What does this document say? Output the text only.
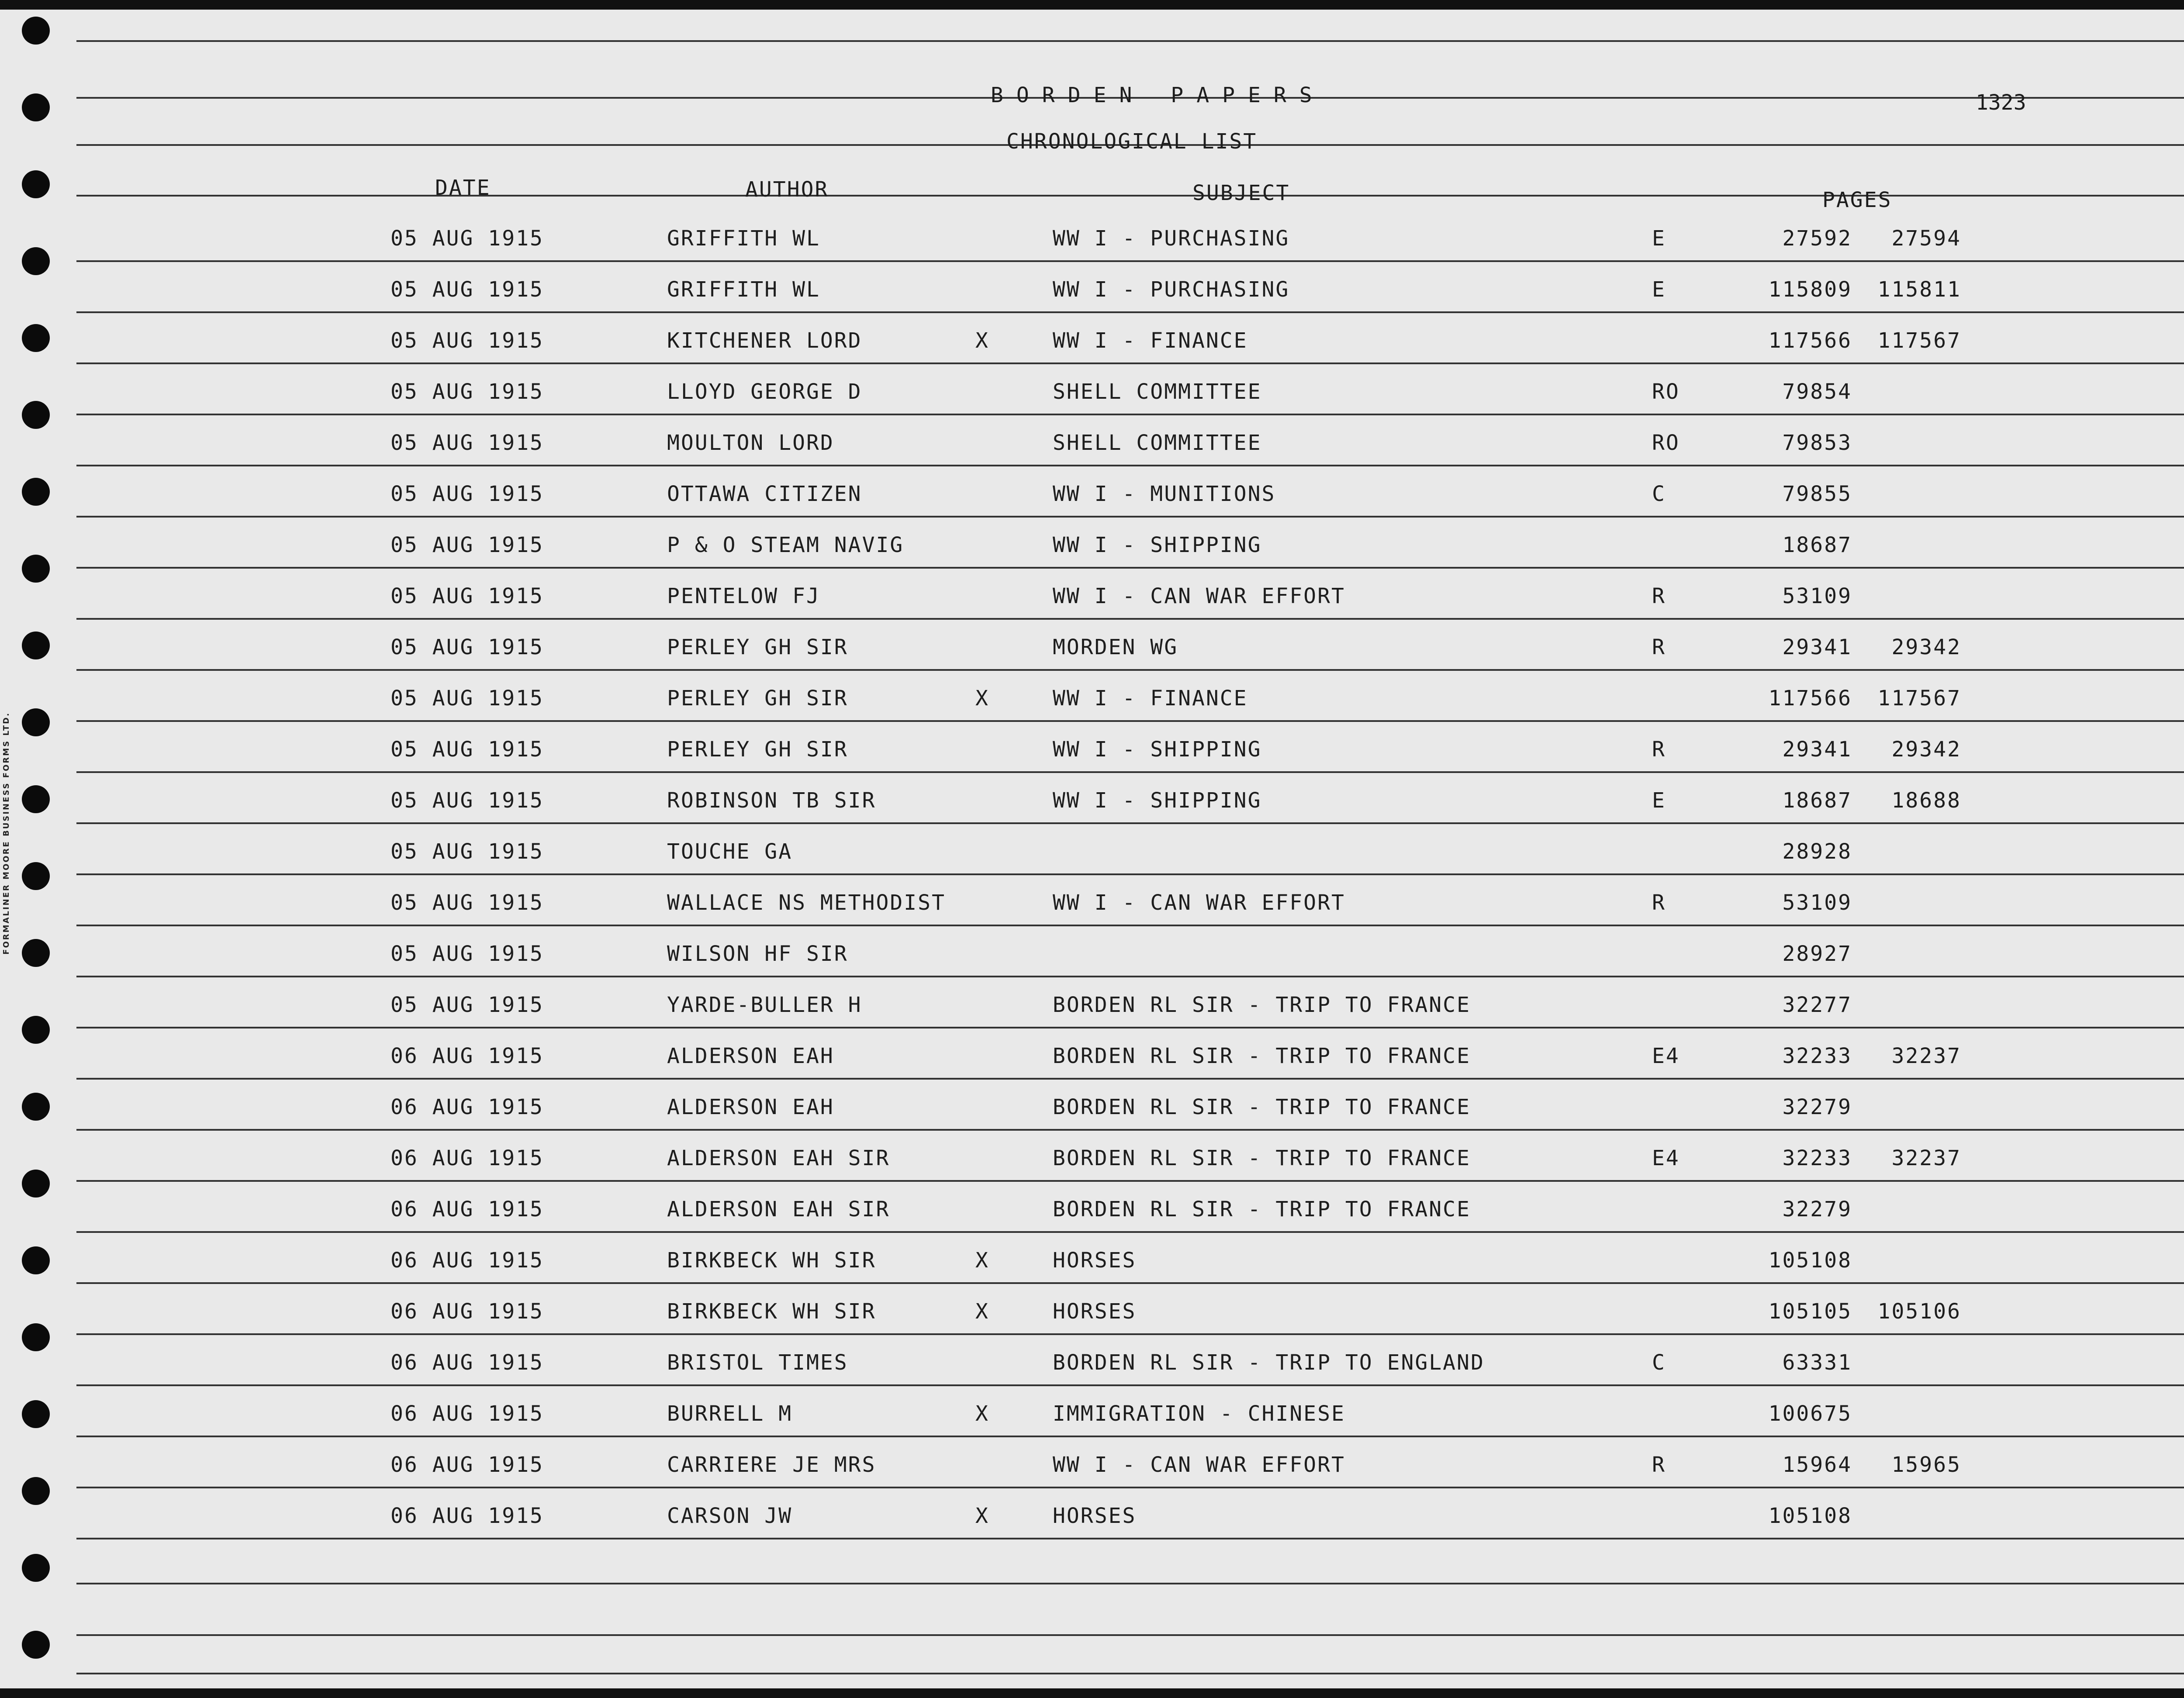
FORMALINER MOORE BUSINESS FORMS LTD.
BORDEN PAPERS	1323
CHRONOLOGICAL LIST
DATE	AUTHOR	SUBJECT	PAGES
05 AUG 1915	GRIFFITH WL	WW I - PURCHASING	E	27592	27594
05 AUG 1915	GRIFFITH WL	WW I - PURCHASING	E	115809	115811
05 AUG 1915	KITCHENER LORD	X	WW I - FINANCE	117566	117567
05 AUG 1915	LLOYD GEORGE D	SHELL COMMITTEE	RO	79854
05 AUG 1915	MOULTON LORD	SHELL COMMITTEE	RO	79853
05 AUG 1915	OTTAWA CITIZEN	WW I - MUNITIONS	C	79855
05 AUG 1915	P & O STEAM NAVIG	WW I - SHIPPING	18687
05 AUG 1915	PENTELOW FJ	WW I - CAN WAR EFFORT	R	53109
05 AUG 1915	PERLEY GH SIR	MORDEN WG	R	29341	29342
05 AUG 1915	PERLEY GH SIR	X	WW I - FINANCE	117566	117567
05 AUG 1915	PERLEY GH SIR	WW I - SHIPPING	R	29341	29342
05 AUG 1915	ROBINSON TB SIR	WW I - SHIPPING	E	18687	18688
05 AUG 1915	TOUCHE GA	28928
05 AUG 1915	WALLACE NS METHODIST	WW I - CAN WAR EFFORT	R	53109
05 AUG 1915	WILSON HF SIR	28927
05 AUG 1915	YARDE-BULLER H	BORDEN RL SIR - TRIP TO FRANCE	32277
06 AUG 1915	ALDERSON EAH	BORDEN RL SIR - TRIP TO FRANCE	E4	32233	32237
06 AUG 1915	ALDERSON EAH	BORDEN RL SIR - TRIP TO FRANCE	32279
06 AUG 1915	ALDERSON EAH SIR	BORDEN RL SIR - TRIP TO FRANCE	E4	32233	32237
06 AUG 1915	ALDERSON EAH SIR	BORDEN RL SIR - TRIP TO FRANCE	32279
06 AUG 1915	BIRKBECK WH SIR	X	HORSES	105108
06 AUG 1915	BIRKBECK WH SIR	X	HORSES	105105	105106
06 AUG 1915	BRISTOL TIMES	BORDEN RL SIR - TRIP TO ENGLAND	C	63331
06 AUG 1915	BURRELL M	X	IMMIGRATION - CHINESE	100675
06 AUG 1915	CARRIERE JE MRS	WW I - CAN WAR EFFORT	R	15964	15965
06 AUG 1915	CARSON JW	X	HORSES	105108
